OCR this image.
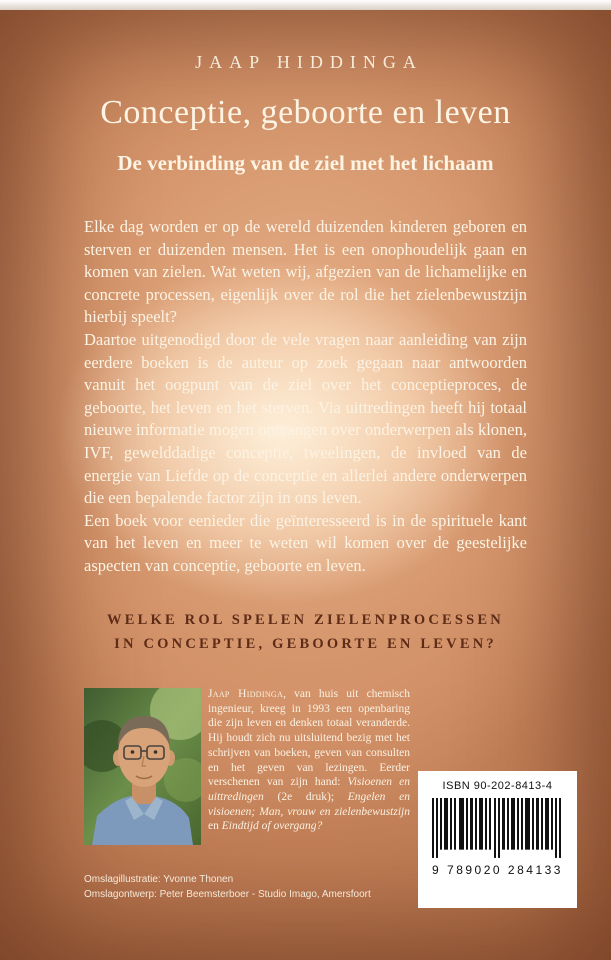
JAAP HIDDINGA
Conceptie, geboorte en leven
De verbinding van de ziel met het lichaam

Elke dag worden er op de wereld duizenden kinderen geboren en sterven er duizenden mensen. Het is een onophoudelijk gaan en komen van zielen. Wat weten wij, afgezien van de lichamelijke en concrete processen, eigenlijk over de rol die het zielenbewustzijn hierbij speelt?

Daartoe uitgenodigd door de vele vragen naar aanleiding van zijn eerdere boeken is de auteur op zoek gegaan naar antwoorden vanuit het oogpunt van de ziel over het conceptieproces, de geboorte, het leven en het sterven. Via uittredingen heeft hij totaal nieuwe informatie mogen ontvangen over onderwerpen als klonen, IVF, gewelddadige conceptie, tweelingen, de invloed van de energie van Liefde op de conceptie en allerlei andere onderwerpen die een bepalende factor zijn in ons leven.

Een boek voor eenieder die geïnteresseerd is in de spirituele kant van het leven en meer te weten wil komen over de geestelijke aspecten van conceptie, geboorte en leven.

WELKE ROL SPELEN ZIELENPROCESSEN
IN CONCEPTIE, GEBOORTE EN LEVEN?
Jaap Hiddinga, van huis uit chemisch ingenieur, kreeg in 1993 een openbaring die zijn leven en denken totaal veranderde. Hij houdt zich nu uitsluitend bezig met het schrijven van boeken, geven van consulten en het geven van lezingen. Eerder verschenen van zijn hand: Visioenen en uittredingen (2e druk); Engelen en visioenen; Man, vrouw en zielenbewustzijn en Eindtijd of overgang?
ISBN 90-202-8413-4
9 789020 284133
Omslagillustratie: Yvonne Thonen
Omslagontwerp: Peter Beemsterboer - Studio Imago, Amersfoort
